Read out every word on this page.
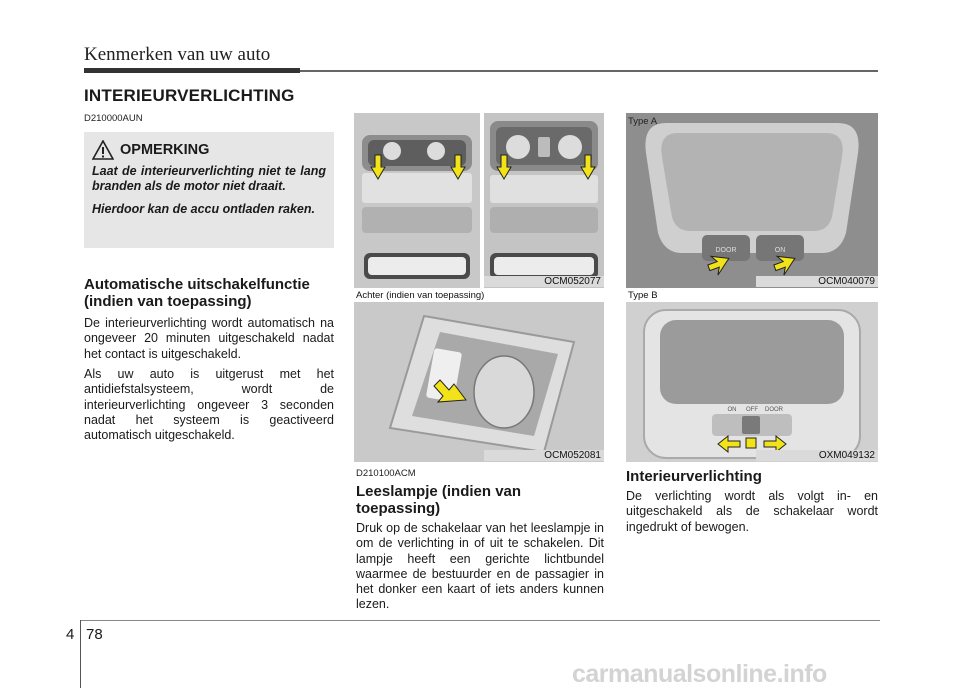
Kenmerken van uw auto
INTERIEURVERLICHTING
D210000AUN
OPMERKING

Laat de interieurverlichting niet te lang branden als de motor niet draait.

Hierdoor kan de accu ontladen raken.

Automatische uitschakelfunctie (indien van toepassing)
De interieurverlichting wordt automatisch na ongeveer 20 minuten uitgeschakeld nadat het contact is uitgeschakeld.
Als uw auto is uitgerust met het antidiefstalsysteem, wordt de interieurverlichting ongeveer 3 seconden nadat het systeem is geactiveerd automatisch uitgeschakeld.
OCM052077
Achter (indien van toepassing)
OCM052081
DOOR	ON
Type A
OCM040079
Type B
ON OFF DOOR
OXM049132
D210100ACM
Leeslampje (indien van toepassing)
Druk op de schakelaar van het leeslampje in om de verlichting in of uit te schakelen. Dit lampje heeft een gerichte lichtbundel waarmee de bestuurder en de passagier in het donker een kaart of iets anders kunnen lezen.
Interieurverlichting
De verlichting wordt als volgt in- en uitgeschakeld als de schakelaar wordt ingedrukt of bewogen.
4 78
carmanualsonline.info
